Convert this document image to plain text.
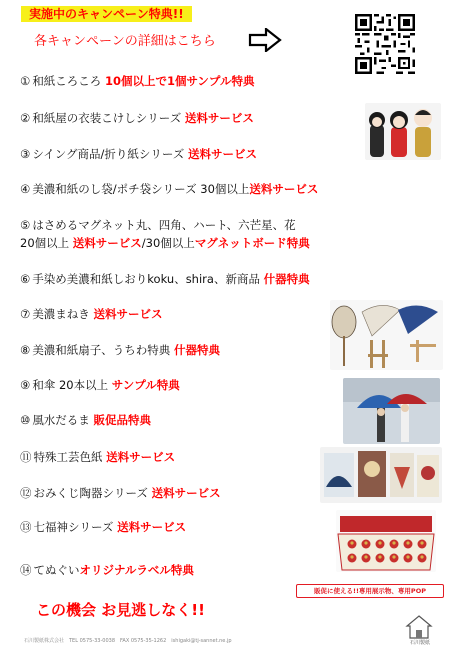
実施中のキャンペーン特典!!
各キャンペーンの詳細はこちら
① 和紙ころころ 10個以上で1個サンプル特典
② 和紙屋の衣装こけしシリーズ 送料サービス
③ シイング商品/折り紙シリーズ 送料サービス
④ 美濃和紙のし袋/ポチ袋シリーズ 30個以上送料サービス
⑤ はさめるマグネット丸、四角、ハート、六芒星、花
20個以上 送料サービス/30個以上マグネットボード特典
⑥ 手染め美濃和紙しおりkoku、shira、新商品 什器特典
⑦ 美濃まねき 送料サービス
⑧ 美濃和紙扇子、うちわ特典 什器特典
⑨ 和傘 20本以上 サンプル特典
⑩ 風水だるま 販促品特典
⑪ 特殊工芸色紙 送料サービス
⑫ おみくじ陶器シリーズ 送料サービス
⑬ 七福神シリーズ 送料サービス
⑭ てぬぐいオリジナルラベル特典
販促に使える!!専用展示物、専用POP
この機会 お見逃しなく!!
石川製紙株式会社　TEL 0575-33-0038　FAX 0575-35-1262　ishigaki@tj-sannet.ne.jp	石川製紙
